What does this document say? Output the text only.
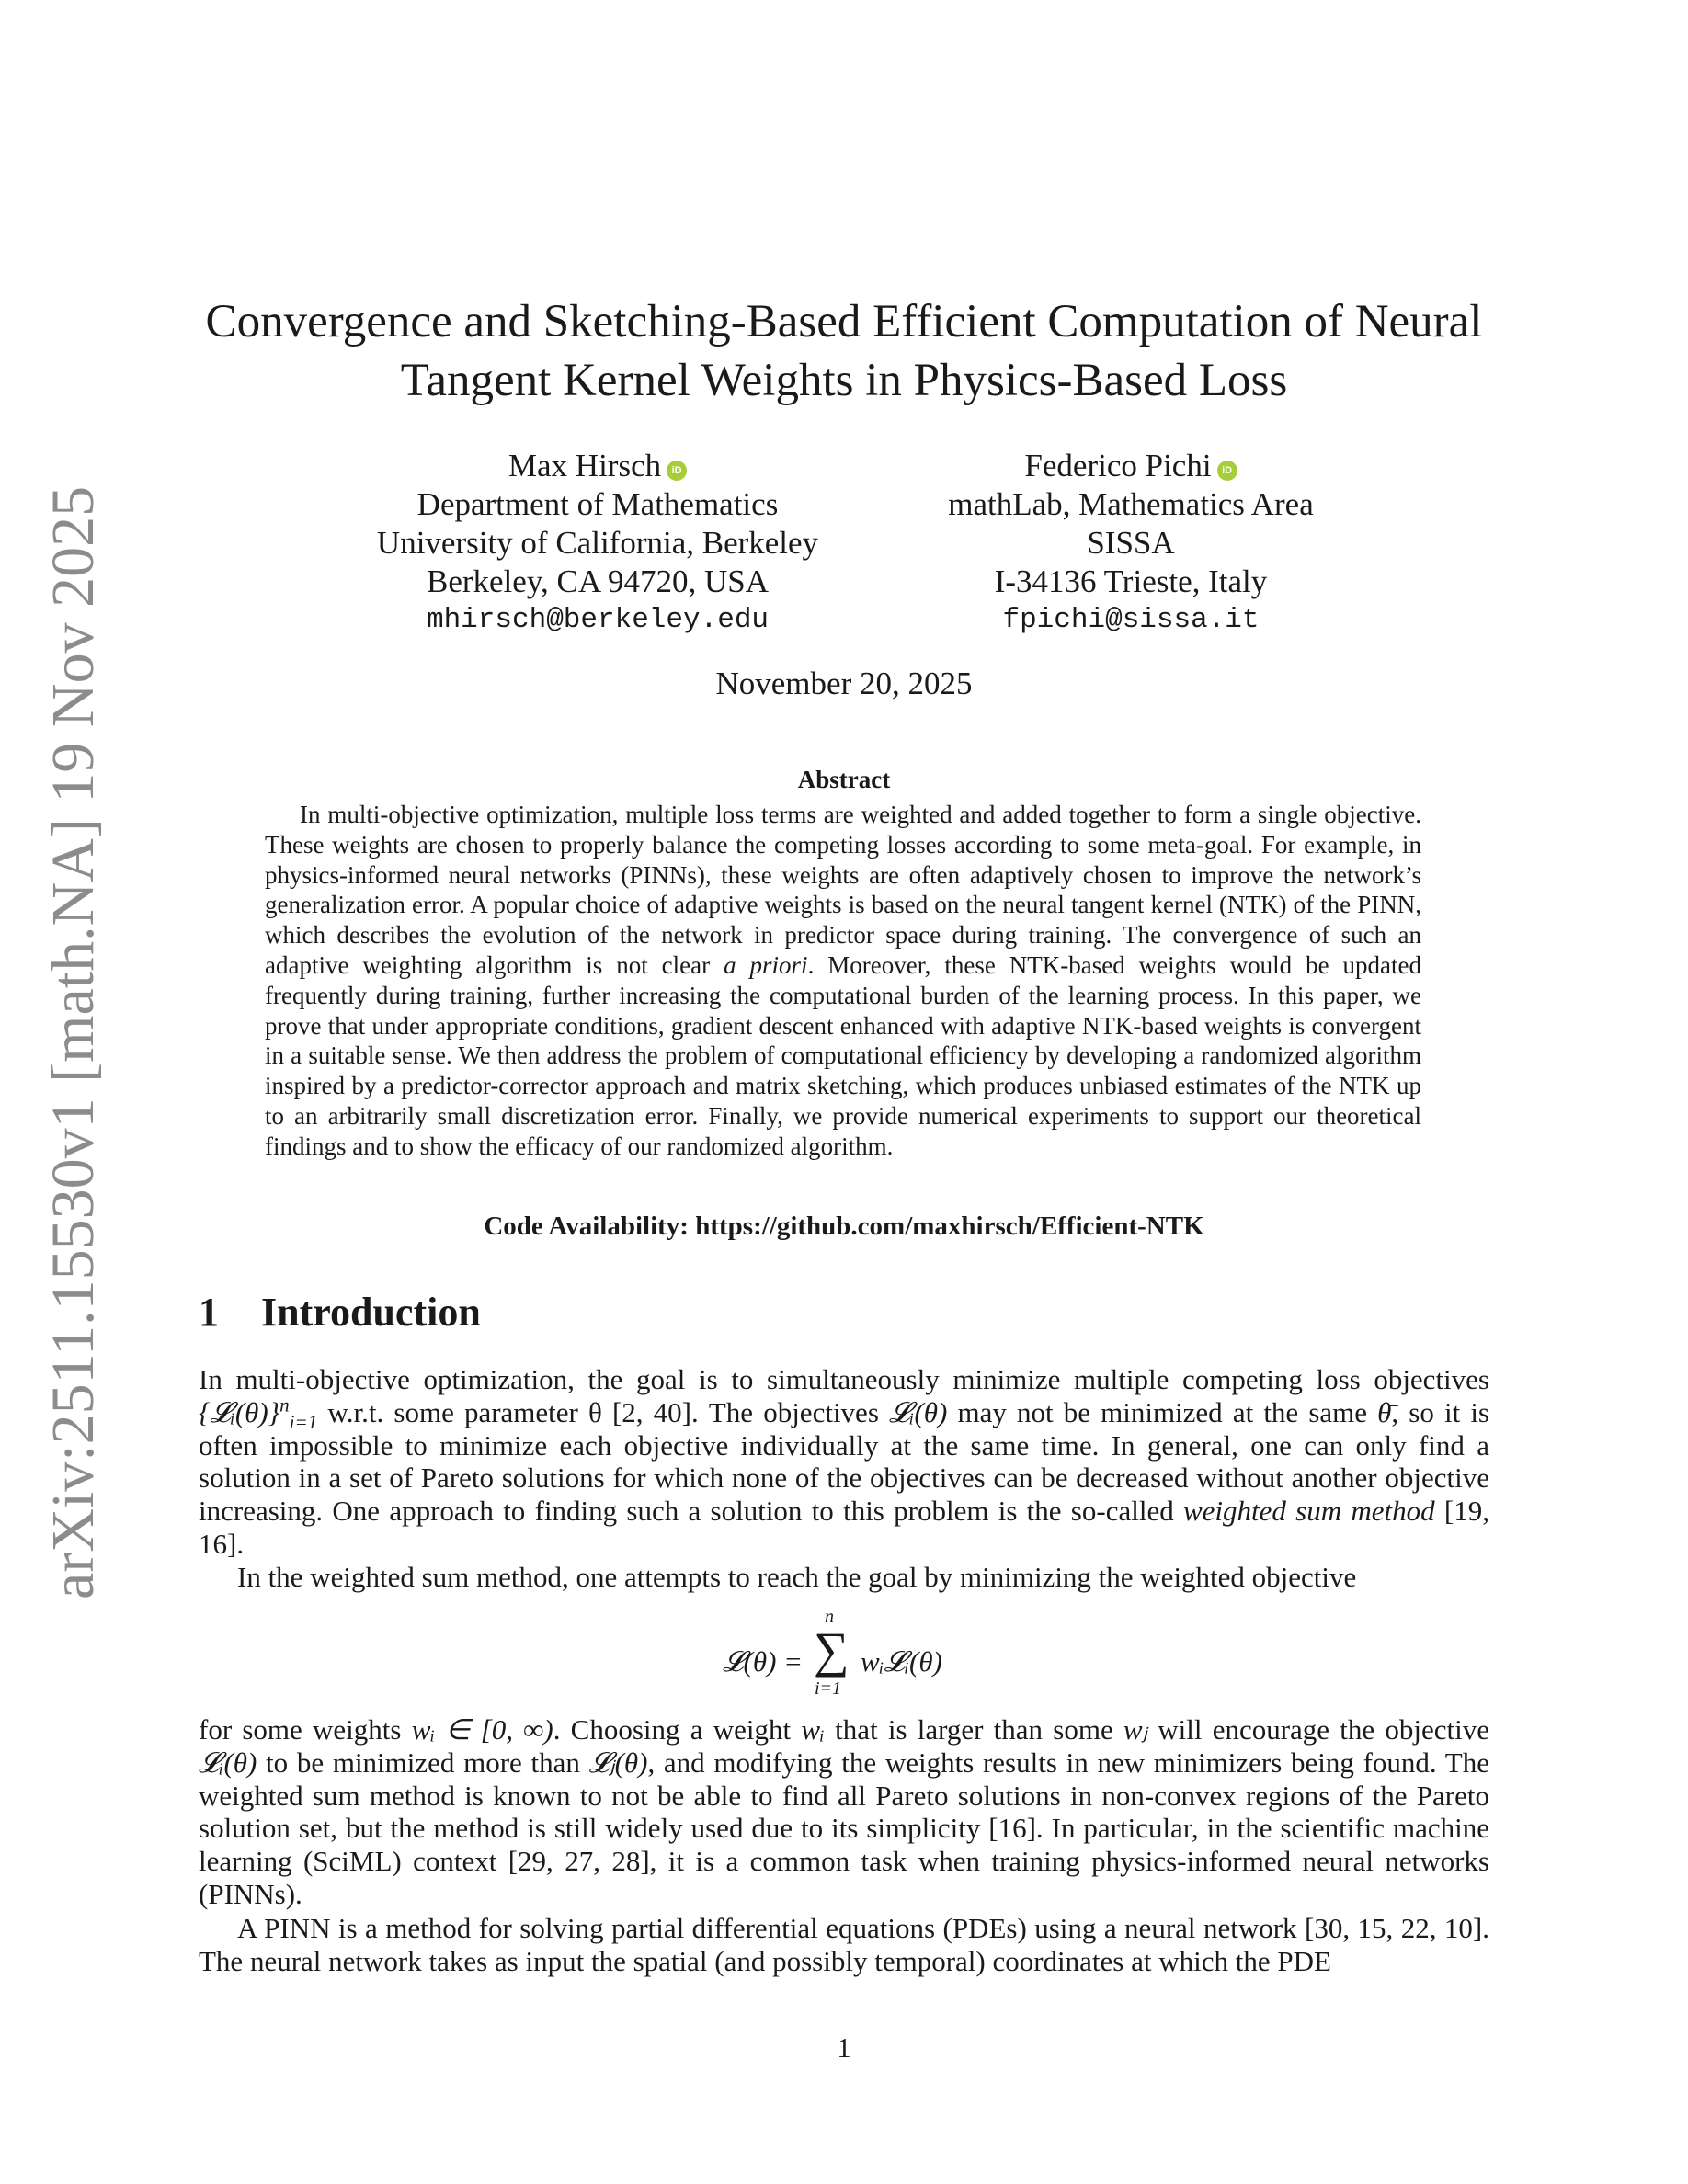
arXiv:2511.15530v1 [math.NA] 19 Nov 2025
Convergence and Sketching-Based Efficient Computation of Neural
Tangent Kernel Weights in Physics-Based Loss
Max Hirsch iD
Department of Mathematics
University of California, Berkeley
Berkeley, CA 94720, USA
mhirsch@berkeley.edu
Federico Pichi iD
mathLab, Mathematics Area
SISSA
I-34136 Trieste, Italy
fpichi@sissa.it
November 20, 2025
Abstract

In multi-objective optimization, multiple loss terms are weighted and added together to form a single objective. These weights are chosen to properly balance the competing losses according to some meta-goal. For example, in physics-informed neural networks (PINNs), these weights are often adaptively chosen to improve the network’s generalization error. A popular choice of adaptive weights is based on the neural tangent kernel (NTK) of the PINN, which describes the evolution of the network in predictor space during training. The convergence of such an adaptive weighting algorithm is not clear a priori. Moreover, these NTK-based weights would be updated frequently during training, further increasing the computational burden of the learning process. In this paper, we prove that under appropriate conditions, gradient descent enhanced with adaptive NTK-based weights is convergent in a suitable sense. We then address the problem of computational efficiency by developing a randomized algorithm inspired by a predictor-corrector approach and matrix sketching, which produces unbiased estimates of the NTK up to an arbitrarily small discretization error. Finally, we provide numerical experiments to support our theoretical findings and to show the efficacy of our randomized algorithm.

Code Availability: https://github.com/maxhirsch/Efficient-NTK
1 Introduction

In multi-objective optimization, the goal is to simultaneously minimize multiple competing loss objectives {𝓛ᵢ(θ)}$^n_{i=1}$ w.r.t. some parameter θ [2, 40]. The objectives 𝓛ᵢ(θ) may not be minimized at the same θ̄, so it is often impossible to minimize each objective individually at the same time. In general, one can only find a solution in a set of Pareto solutions for which none of the objectives can be decreased without another objective increasing. One approach to finding such a solution to this problem is the so-called weighted sum method [19, 16].

In the weighted sum method, one attempts to reach the goal by minimizing the weighted objective

𝓛(θ) =
n
∑
i=1
wᵢ𝓛ᵢ(θ)

for some weights wᵢ ∈ [0, ∞). Choosing a weight wᵢ that is larger than some wⱼ will encourage the objective 𝓛ᵢ(θ) to be minimized more than 𝓛ⱼ(θ), and modifying the weights results in new minimizers being found. The weighted sum method is known to not be able to find all Pareto solutions in non-convex regions of the Pareto solution set, but the method is still widely used due to its simplicity [16]. In particular, in the scientific machine learning (SciML) context [29, 27, 28], it is a common task when training physics-informed neural networks (PINNs).

A PINN is a method for solving partial differential equations (PDEs) using a neural network [30, 15, 22, 10]. The neural network takes as input the spatial (and possibly temporal) coordinates at which the PDE

1
